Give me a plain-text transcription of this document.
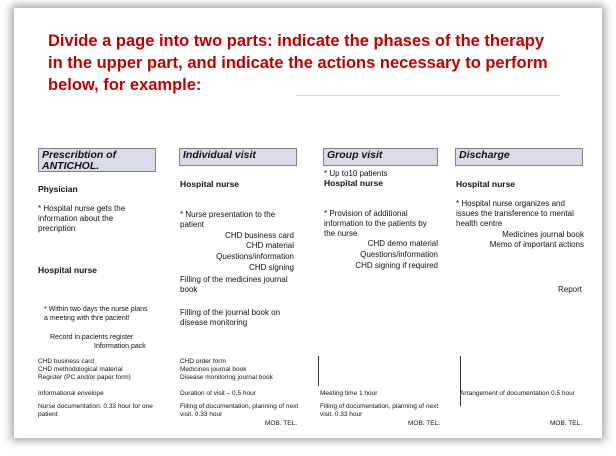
Divide a page into two parts: indicate the phases of the therapy in the upper part, and indicate the actions necessary to perform below, for example:
Prescribtion of ANTICHOL.
Physician
* Hospital nurse gets the information about the precription
Hospital nurse
* Within two days the nurse plans a meeting with thre pacient!
Record in pacients register
Information pack
CHD business card
CHD methodological material
Register (PC and/or paper form)
Informational envelope
Nurse documentation: 0.33 hour for one patient
Individual visit
Hospital nurse
* Nurse presentation to the patient
CHD business card
CHD material
Questions/information
CHD signing
Filling of the medicines journal book
Filling of the journal book on disease monitoring
CHD order form
Medicines journal book
Disease monitoring journal book
Duration of visit – 0.5 hour
Filling of documentation, planning of next visit. 0.33 hour
MOB. TEL.
Group visit
* Up to10 patients
Hospital nurse
* Provision of additional information to the patients by the nurse
CHD demo material
Questions/information
CHD signing if required
Meeting time 1 hour
Filling of documentation, planning of next visit. 0.33 hour
MOB. TEL.
Discharge
Hospital nurse
* Hospital nurse organizes and issues the transference to mental health centre
Medicines journal book
Memo of important actions
Report
Arrangement of documentation 0.5 hour
MOB. TEL.
